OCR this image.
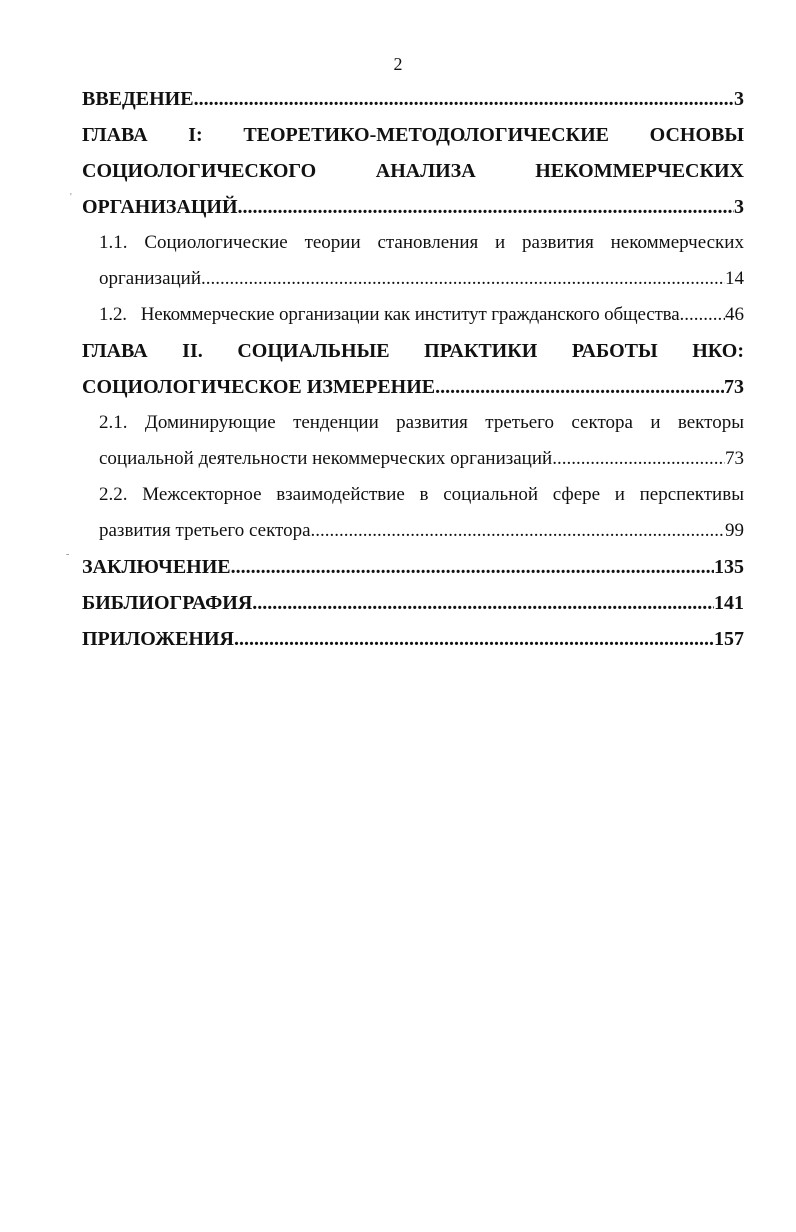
2
ВВЕДЕНИЕ .....	3
ГЛАВА I: ТЕОРЕТИКО-МЕТОДОЛОГИЧЕСКИЕ ОСНОВЫ
СОЦИОЛОГИЧЕСКОГО	АНАЛИЗА	НЕКОММЕРЧЕСКИХ
ОРГАНИЗАЦИЙ .....	3
1.1. Социологические теории становления и развития некоммерческих
организаций .....	14
1.2.   Некоммерческие организации как институт гражданского общества ..... 46
ГЛАВА II. СОЦИАЛЬНЫЕ ПРАКТИКИ РАБОТЫ НКО:
СОЦИОЛОГИЧЕСКОЕ ИЗМЕРЕНИЕ .....	73
2.1. Доминирующие тенденции развития третьего сектора и векторы
социальной деятельности некоммерческих организаций .....	73
2.2. Межсекторное взаимодействие в социальной сфере и перспективы
развития третьего сектора .....	99
ЗАКЛЮЧЕНИЕ .....	135
БИБЛИОГРАФИЯ .....	141
ПРИЛОЖЕНИЯ .....	157
'
-
